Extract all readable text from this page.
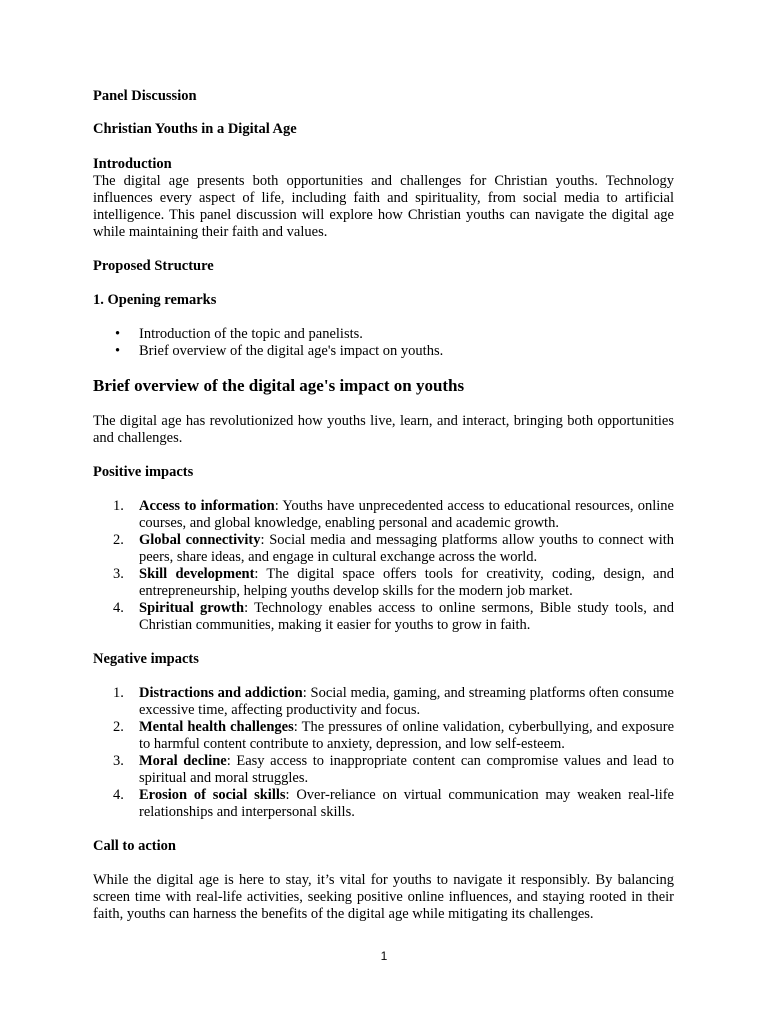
Panel Discussion

Christian Youths in a Digital Age

Introduction

The digital age presents both opportunities and challenges for Christian youths. Technology influences every aspect of life, including faith and spirituality, from social media to artificial intelligence. This panel discussion will explore how Christian youths can navigate the digital age while maintaining their faith and values.

Proposed Structure

1. Opening remarks

• Introduction of the topic and panelists.
• Brief overview of the digital age's impact on youths.
Brief overview of the digital age's impact on youths

The digital age has revolutionized how youths live, learn, and interact, bringing both opportunities and challenges.

Positive impacts

1. Access to information: Youths have unprecedented access to educational resources, online courses, and global knowledge, enabling personal and academic growth.
2. Global connectivity: Social media and messaging platforms allow youths to connect with peers, share ideas, and engage in cultural exchange across the world.
3. Skill development: The digital space offers tools for creativity, coding, design, and entrepreneurship, helping youths develop skills for the modern job market.
4. Spiritual growth: Technology enables access to online sermons, Bible study tools, and Christian communities, making it easier for youths to grow in faith.

Negative impacts

1. Distractions and addiction: Social media, gaming, and streaming platforms often consume excessive time, affecting productivity and focus.
2. Mental health challenges: The pressures of online validation, cyberbullying, and exposure to harmful content contribute to anxiety, depression, and low self-esteem.
3. Moral decline: Easy access to inappropriate content can compromise values and lead to spiritual and moral struggles.
4. Erosion of social skills: Over-reliance on virtual communication may weaken real-life relationships and interpersonal skills.

Call to action

While the digital age is here to stay, it’s vital for youths to navigate it responsibly. By balancing screen time with real-life activities, seeking positive online influences, and staying rooted in their faith, youths can harness the benefits of the digital age while mitigating its challenges.

1
